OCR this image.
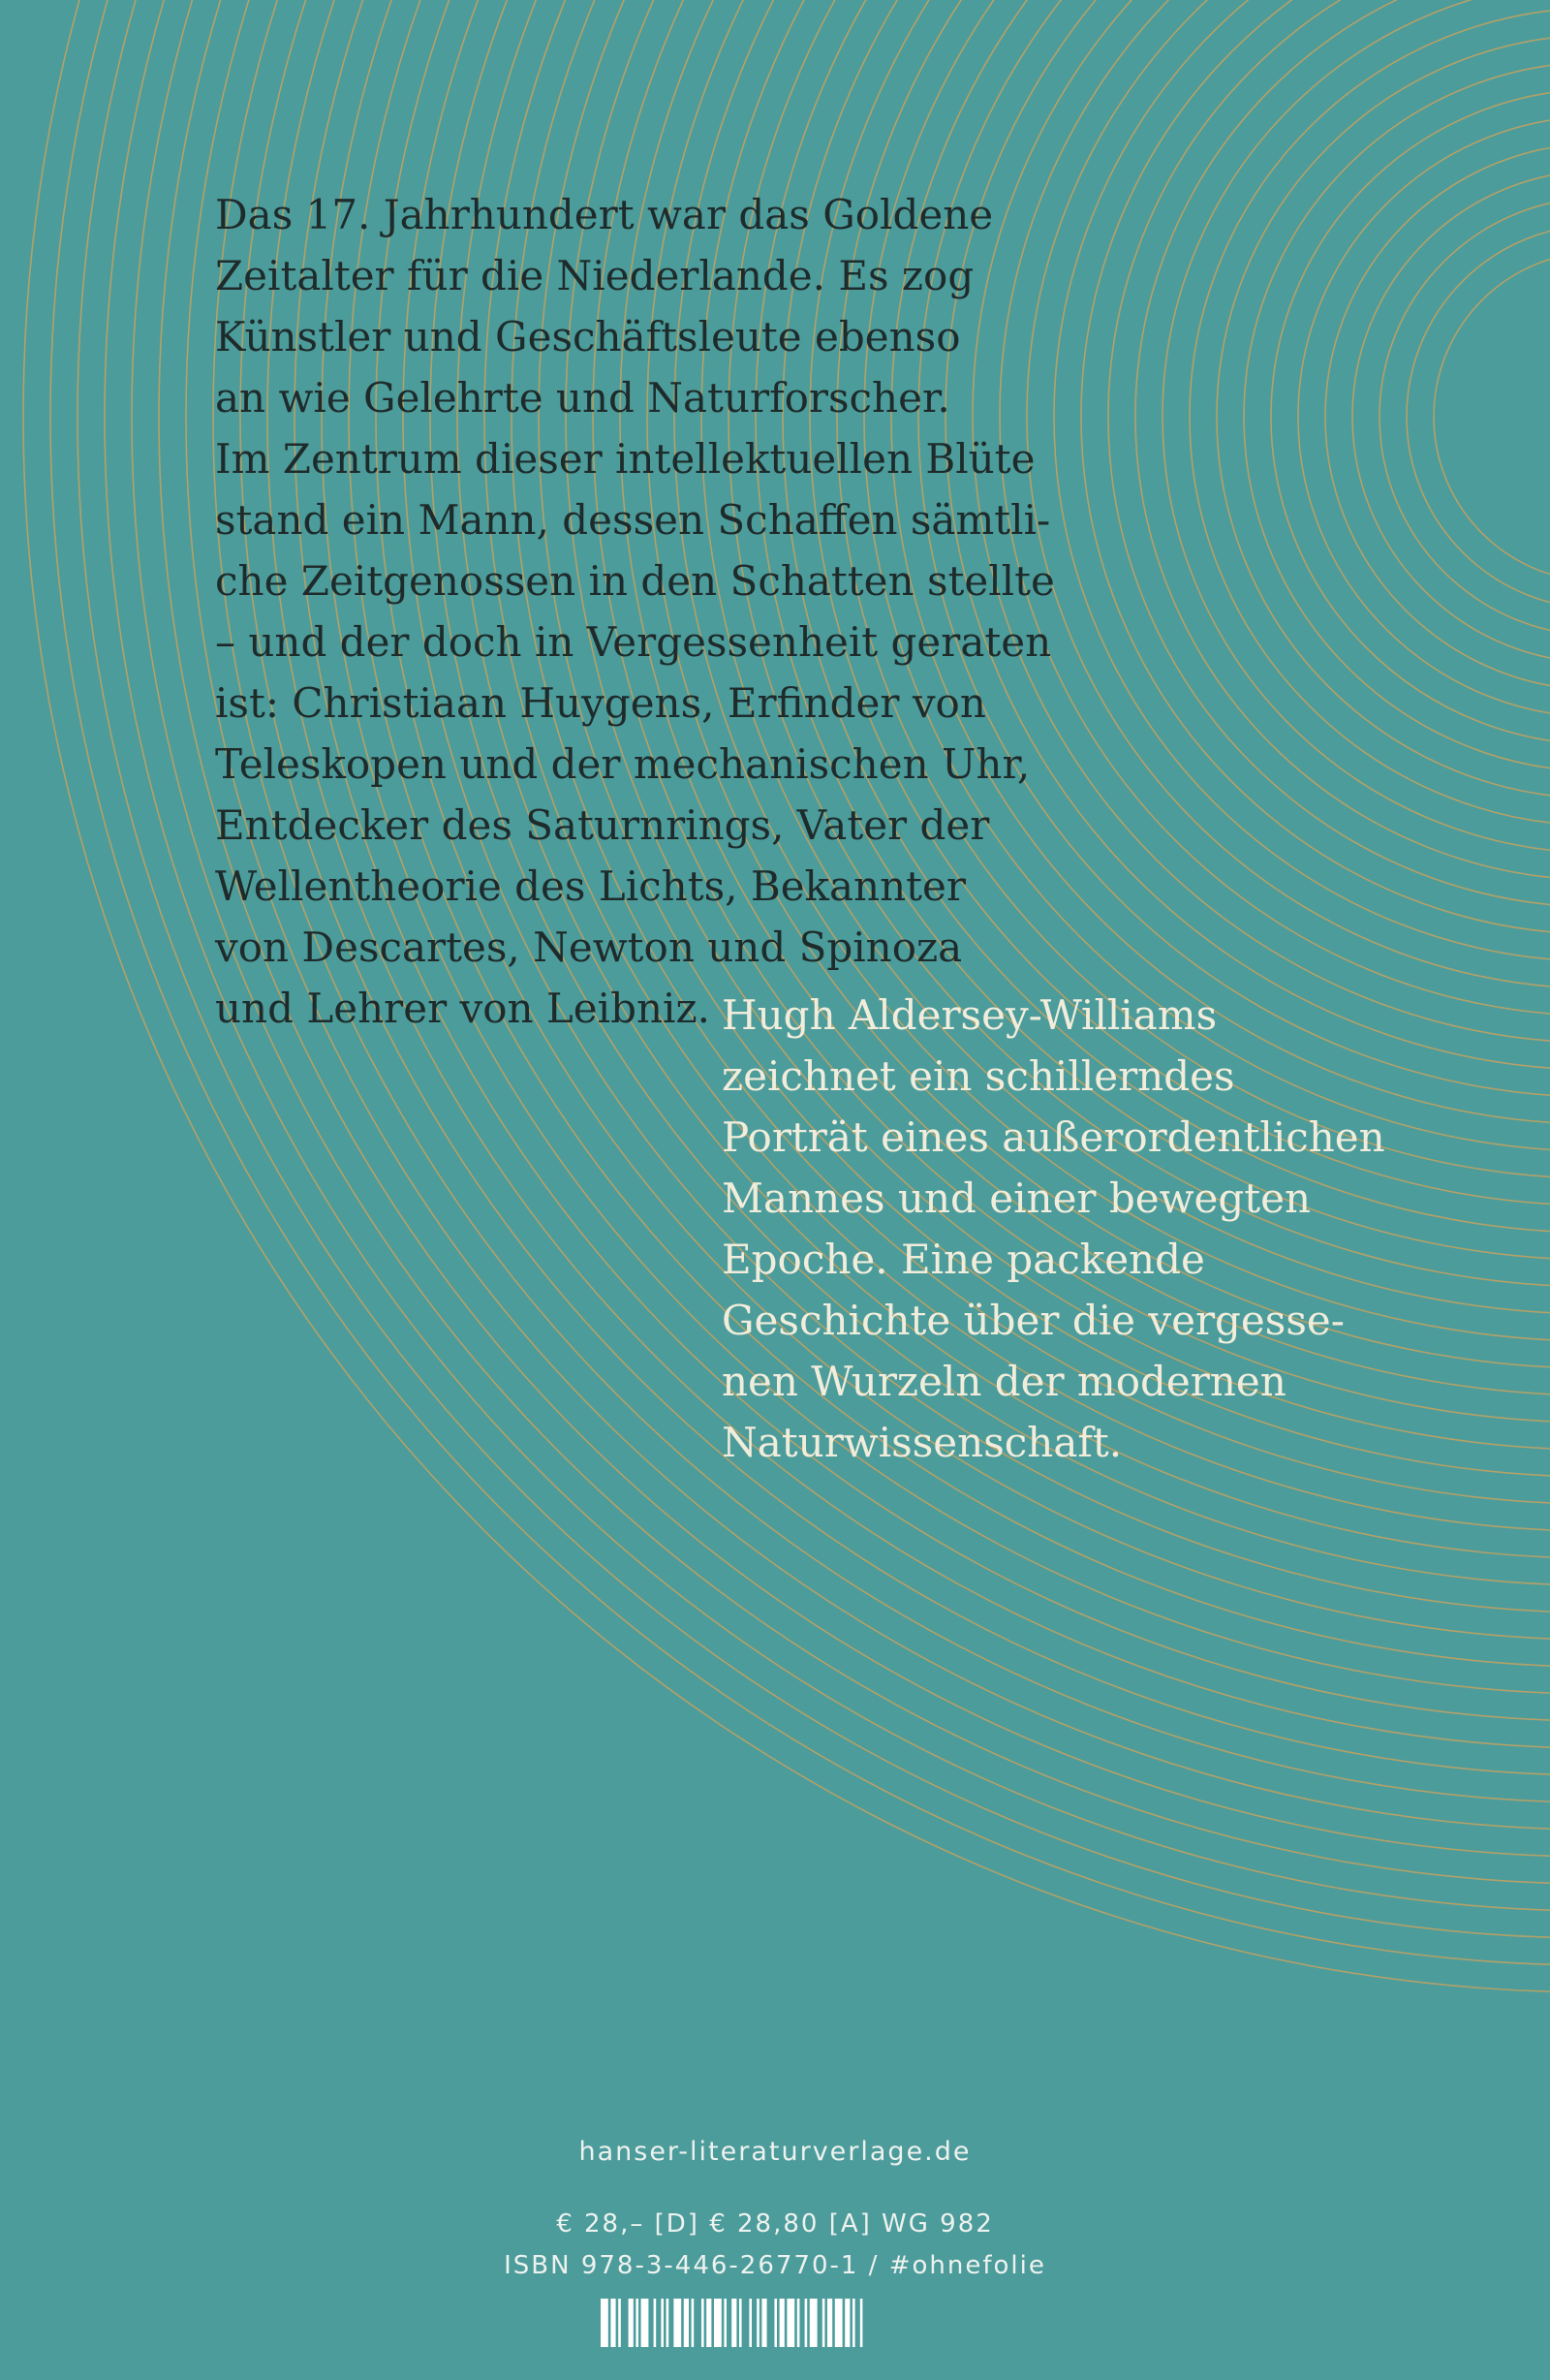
Das 17. Jahrhundert war das Goldene
Zeitalter für die Niederlande. Es zog
Künstler und Geschäftsleute ebenso
an wie Gelehrte und Naturforscher.
Im Zentrum dieser intellektuellen Blüte
stand ein Mann, dessen Schaffen sämtli-
che Zeitgenossen in den Schatten stellte
– und der doch in Vergessenheit geraten
ist: Christiaan Huygens, Erfinder von
Teleskopen und der mechanischen Uhr,
Entdecker des Saturnrings, Vater der
Wellentheorie des Lichts, Bekannter
von Descartes, Newton und Spinoza
und Lehrer von Leibniz. Hugh Aldersey-Williams
zeichnet ein schillerndes
Porträt eines außerordentlichen
Mannes und einer bewegten
Epoche. Eine packende
Geschichte über die vergesse-
nen Wurzeln der modernen
Naturwissenschaft.
hanser-literaturverlage.de
€ 28,– [D] € 28,80 [A] WG 982
ISBN 978-3-446-26770-1 / #ohnefolie
